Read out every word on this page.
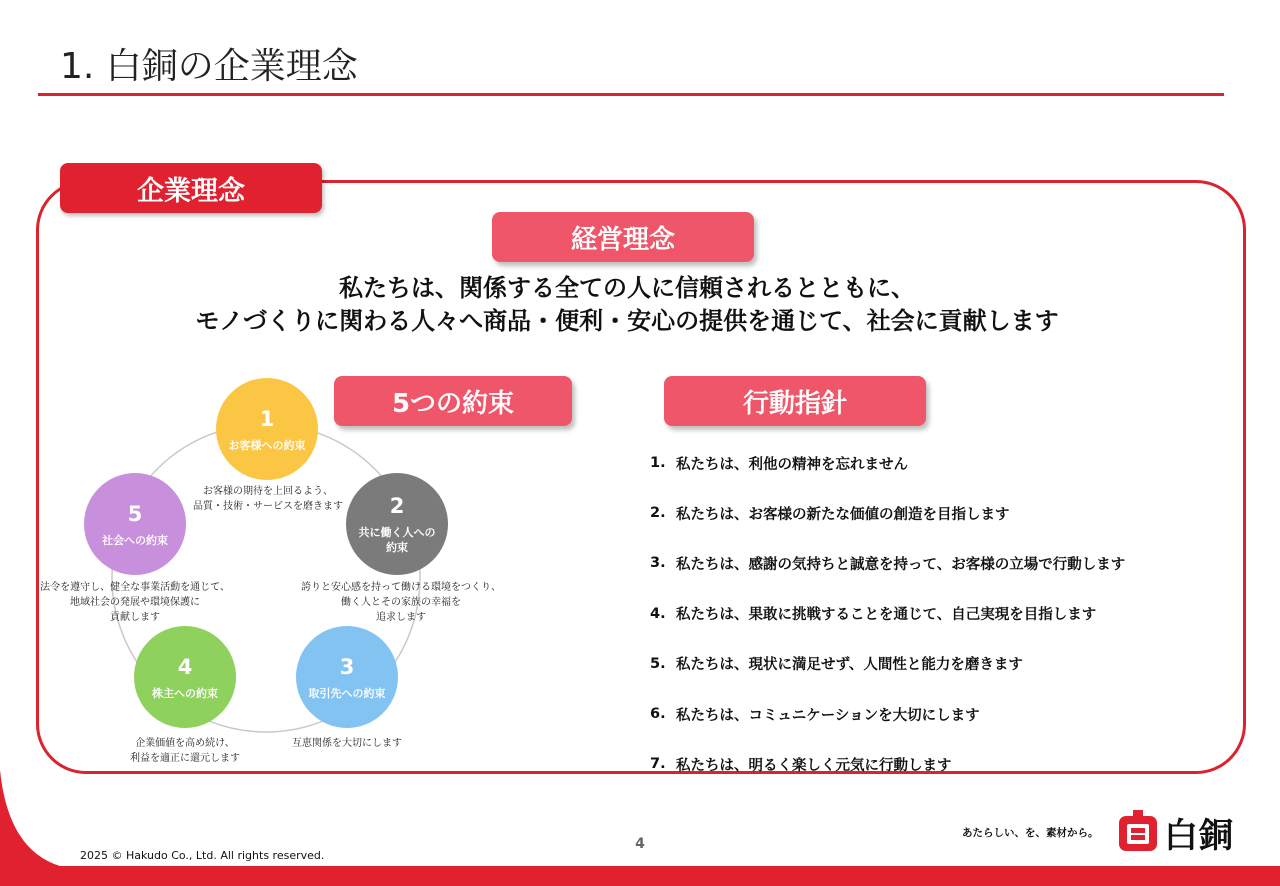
1. 白銅の企業理念
企業理念
経営理念
私たちは、関係する全ての人に信頼されるとともに、
モノづくりに関わる人々へ商品・便利・安心の提供を通じて、社会に貢献します
5つの約束	行動指針
1
お客様への約束
2
共に働く人への
約束
3
取引先への約束
4
株主への約束
5
社会への約束
お客様の期待を上回るよう、
品質・技術・サービスを磨きます
誇りと安心感を持って働ける環境をつくり、
働く人とその家族の幸福を
追求します
互恵関係を大切にします
企業価値を高め続け、
利益を適正に還元します
法令を遵守し、健全な事業活動を通じて、
地域社会の発展や環境保護に
貢献します
1. 私たちは、利他の精神を忘れません
2. 私たちは、お客様の新たな価値の創造を目指します
3. 私たちは、感謝の気持ちと誠意を持って、お客様の立場で行動します
4. 私たちは、果敢に挑戦することを通じて、自己実現を目指します
5. 私たちは、現状に満足せず、人間性と能力を磨きます
6. 私たちは、コミュニケーションを大切にします
7. 私たちは、明るく楽しく元気に行動します
2025 © Hakudo Co., Ltd. All rights reserved.
4
あたらしい、を、素材から。 白銅
